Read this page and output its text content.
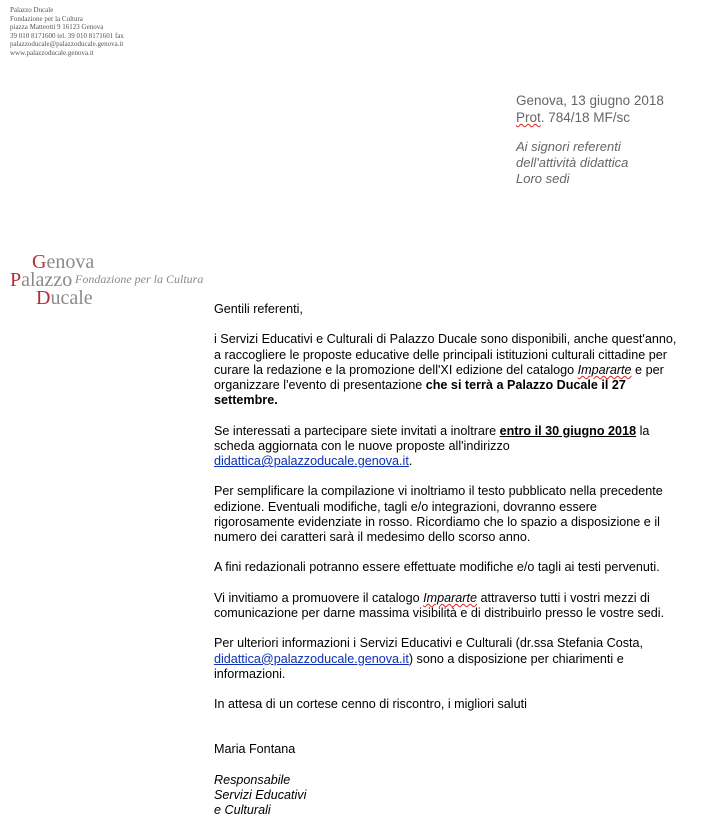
Palazzo Ducale
Fondazione per la Cultura
piazza Matteotti 9 16123 Genova
39 010 8171600 tel. 39 010 8171601 fax
palazzoducale@palazzoducale.genova.it
www.palazzoducale.genova.it
Genova, 13 giugno 2018
Prot. 784/18 MF/sc
Ai signori referenti
dell'attività didattica
Loro sedi
Genova
Palazzo
Ducale
Fondazione per la Cultura

Gentili referenti,

i Servizi Educativi e Culturali di Palazzo Ducale sono disponibili, anche quest'anno,
a raccogliere le proposte educative delle principali istituzioni culturali cittadine per
curare la redazione e la promozione dell'XI edizione del catalogo Impararte e per
organizzare l'evento di presentazione che si terrà a Palazzo Ducale il 27
settembre.

Se interessati a partecipare siete invitati a inoltrare entro il 30 giugno 2018 la
scheda aggiornata con le nuove proposte all'indirizzo
didattica@palazzoducale.genova.it.

Per semplificare la compilazione vi inoltriamo il testo pubblicato nella precedente
edizione. Eventuali modifiche, tagli e/o integrazioni, dovranno essere
rigorosamente evidenziate in rosso. Ricordiamo che lo spazio a disposizione e il
numero dei caratteri sarà il medesimo dello scorso anno.

A fini redazionali potranno essere effettuate modifiche e/o tagli ai testi pervenuti.

Vi invitiamo a promuovere il catalogo Impararte attraverso tutti i vostri mezzi di
comunicazione per darne massima visibilità e di distribuirlo presso le vostre sedi.

Per ulteriori informazioni i Servizi Educativi e Culturali (dr.ssa Stefania Costa,
didattica@palazzoducale.genova.it) sono a disposizione per chiarimenti e
informazioni.

In attesa di un cortese cenno di riscontro, i migliori saluti

Maria Fontana

Responsabile
Servizi Educativi
e Culturali
